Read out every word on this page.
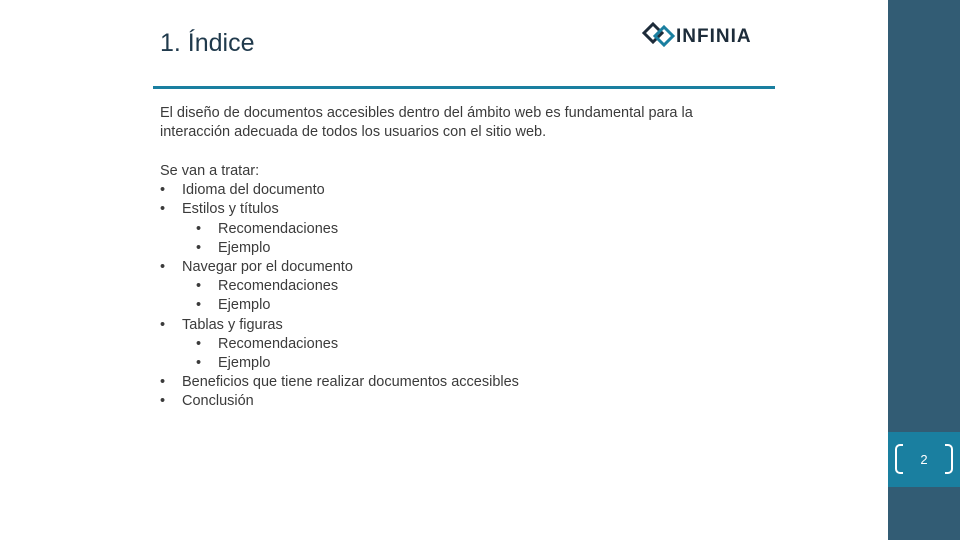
1. Índice	INFINIA

El diseño de documentos accesibles dentro del ámbito web es fundamental para la interacción adecuada de todos los usuarios con el sitio web.

Se van a tratar:
• Idioma del documento
• Estilos y títulos
• Recomendaciones
• Ejemplo
• Navegar por el documento
• Recomendaciones
• Ejemplo
• Tablas y figuras
• Recomendaciones
• Ejemplo
• Beneficios que tiene realizar documentos accesibles
• Conclusión
2
